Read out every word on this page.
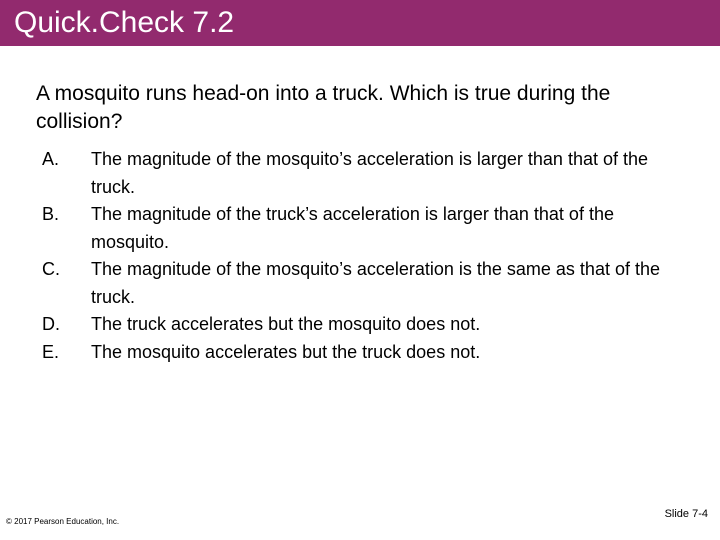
Quick.Check 7.2
A mosquito runs head-on into a truck. Which is true during the collision?
A. The magnitude of the mosquito’s acceleration is larger than that of the truck.
B. The magnitude of the truck’s acceleration is larger than that of the mosquito.
C. The magnitude of the mosquito’s acceleration is the same as that of the truck.
D. The truck accelerates but the mosquito does not.
E. The mosquito accelerates but the truck does not.
© 2017 Pearson Education, Inc.
Slide 7-4
